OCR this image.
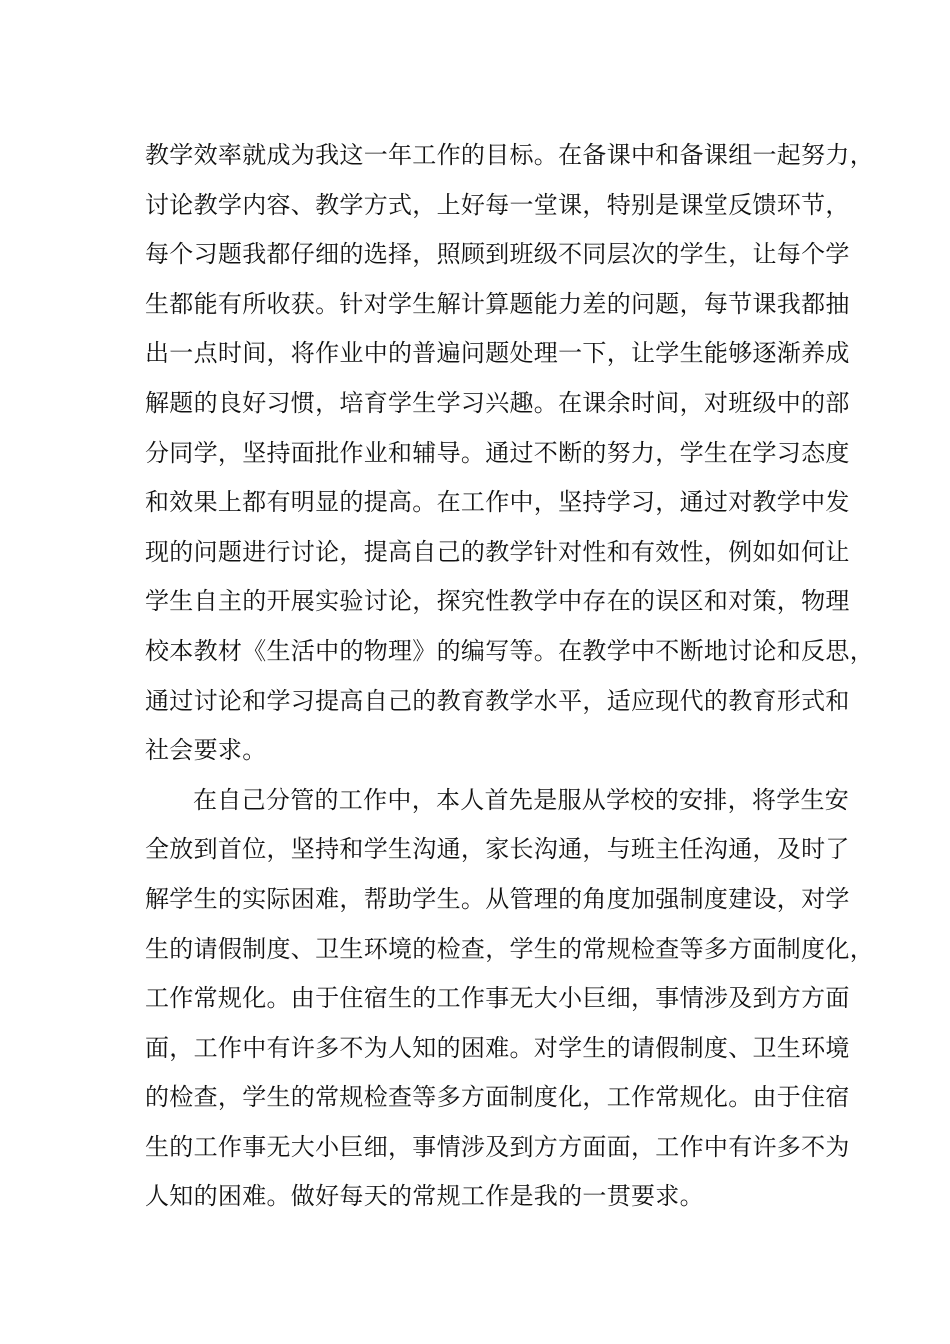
教学效率就成为我这一年工作的目标。在备课中和备课组一起努力，
讨论教学内容、教学方式，上好每一堂课，特别是课堂反馈环节，
每个习题我都仔细的选择，照顾到班级不同层次的学生，让每个学
生都能有所收获。针对学生解计算题能力差的问题，每节课我都抽
出一点时间，将作业中的普遍问题处理一下，让学生能够逐渐养成
解题的良好习惯，培育学生学习兴趣。在课余时间，对班级中的部
分同学，坚持面批作业和辅导。通过不断的努力，学生在学习态度
和效果上都有明显的提高。在工作中，坚持学习，通过对教学中发
现的问题进行讨论，提高自己的教学针对性和有效性，例如如何让
学生自主的开展实验讨论，探究性教学中存在的误区和对策，物理
校本教材《生活中的物理》的编写等。在教学中不断地讨论和反思，
通过讨论和学习提高自己的教育教学水平，适应现代的教育形式和
社会要求。
在自己分管的工作中，本人首先是服从学校的安排，将学生安
全放到首位，坚持和学生沟通，家长沟通，与班主任沟通，及时了
解学生的实际困难，帮助学生。从管理的角度加强制度建设，对学
生的请假制度、卫生环境的检查，学生的常规检查等多方面制度化，
工作常规化。由于住宿生的工作事无大小巨细，事情涉及到方方面
面，工作中有许多不为人知的困难。对学生的请假制度、卫生环境
的检查，学生的常规检查等多方面制度化，工作常规化。由于住宿
生的工作事无大小巨细，事情涉及到方方面面，工作中有许多不为
人知的困难。做好每天的常规工作是我的一贯要求。
